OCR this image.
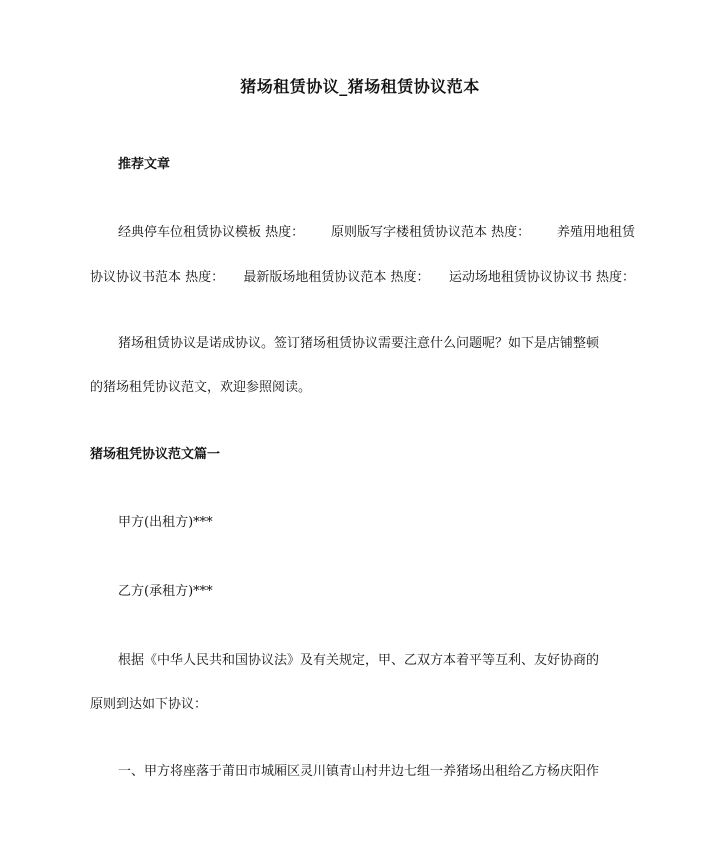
猪场租赁协议_猪场租赁协议范本
推荐文章
经典停车位租赁协议模板 热度： 原则版写字楼租赁协议范本 热度： 养殖用地租赁
协议协议书范本 热度： 最新版场地租赁协议范本 热度： 运动场地租赁协议协议书 热度：
猪场租赁协议是诺成协议。签订猪场租赁协议需要注意什么问题呢？如下是店铺整顿
的猪场租凭协议范文，欢迎参照阅读。
猪场租凭协议范文篇一
甲方(出租方)***
乙方(承租方)***
根据《中华人民共和国协议法》及有关规定，甲、乙双方本着平等互利、友好协商的
原则到达如下协议：
一、甲方将座落于莆田市城厢区灵川镇青山村井边七组一养猪场出租给乙方杨庆阳作
